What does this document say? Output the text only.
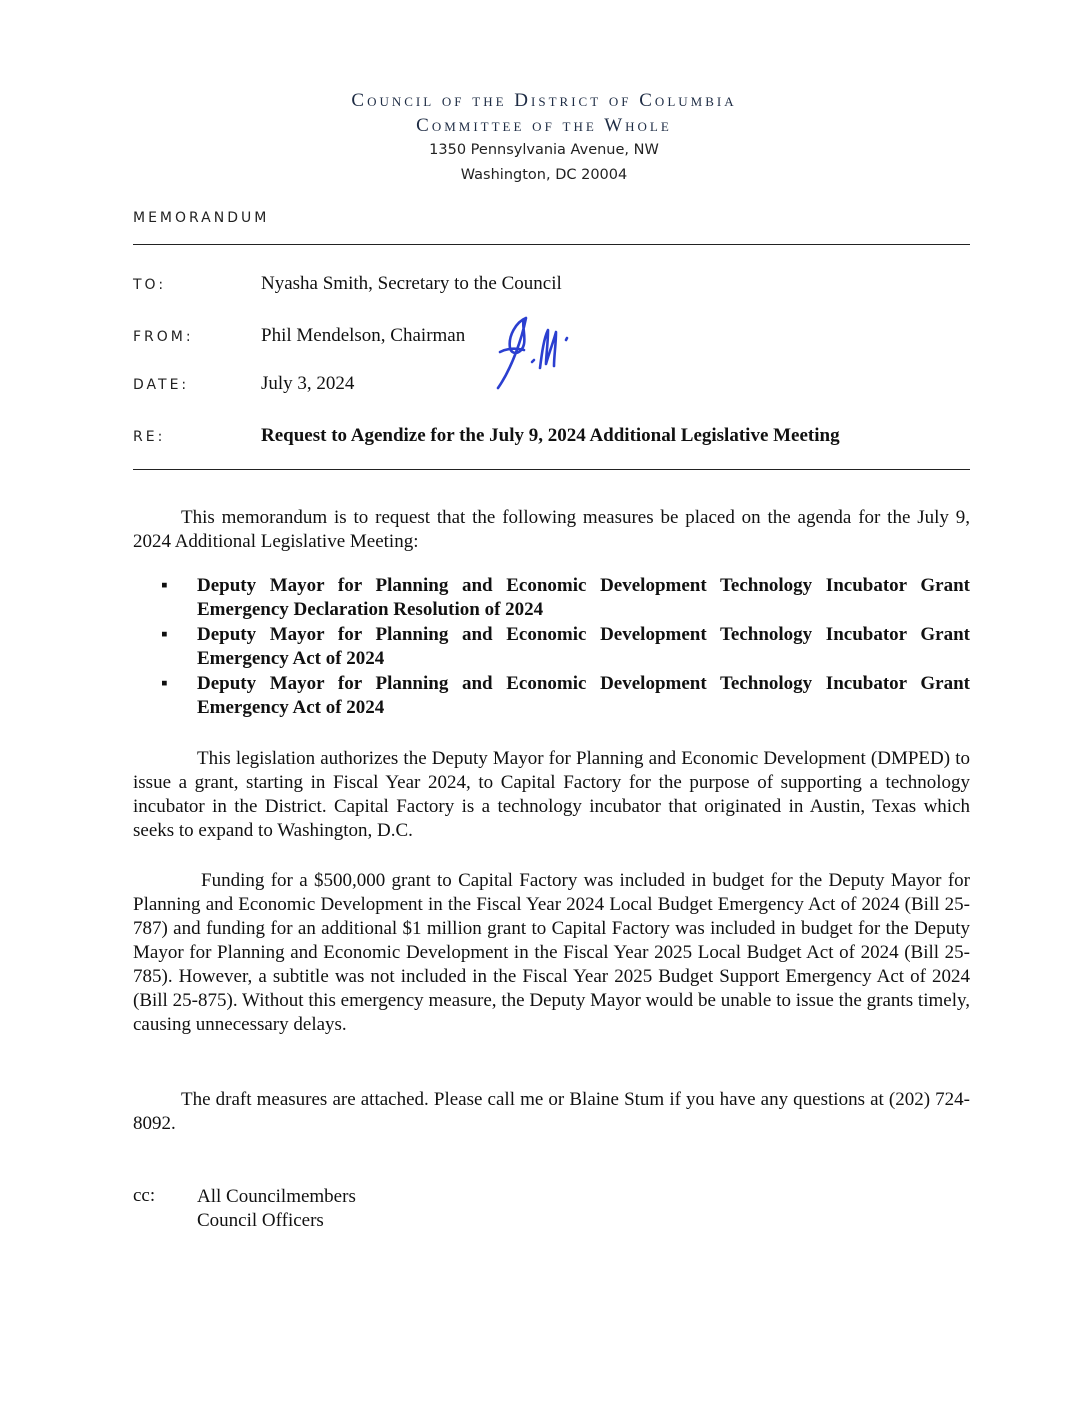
Council of the District of Columbia
Committee of the Whole
1350 Pennsylvania Avenue, NW
Washington, DC 20004
MEMORANDUM
TO:	Nyasha Smith, Secretary to the Council
FROM:	Phil Mendelson, Chairman
DATE:	July 3, 2024
RE:	Request to Agendize for the July 9, 2024 Additional Legislative Meeting
This memorandum is to request that the following measures be placed on the agenda for the July 9, 2024 Additional Legislative Meeting:
▪ Deputy Mayor for Planning and Economic Development Technology Incubator Grant Emergency Declaration Resolution of 2024
▪ Deputy Mayor for Planning and Economic Development Technology Incubator Grant Emergency Act of 2024
▪ Deputy Mayor for Planning and Economic Development Technology Incubator Grant Emergency Act of 2024
This legislation authorizes the Deputy Mayor for Planning and Economic Development (DMPED) to issue a grant, starting in Fiscal Year 2024, to Capital Factory for the purpose of supporting a technology incubator in the District. Capital Factory is a technology incubator that originated in Austin, Texas which seeks to expand to Washington, D.C.
Funding for a $500,000 grant to Capital Factory was included in budget for the Deputy Mayor for Planning and Economic Development in the Fiscal Year 2024 Local Budget Emergency Act of 2024 (Bill 25-787) and funding for an additional $1 million grant to Capital Factory was included in budget for the Deputy Mayor for Planning and Economic Development in the Fiscal Year 2025 Local Budget Act of 2024 (Bill 25-785). However, a subtitle was not included in the Fiscal Year 2025 Budget Support Emergency Act of 2024 (Bill 25-875). Without this emergency measure, the Deputy Mayor would be unable to issue the grants timely, causing unnecessary delays.
The draft measures are attached. Please call me or Blaine Stum if you have any questions at (202) 724-8092.
cc: All Councilmembers
Council Officers
